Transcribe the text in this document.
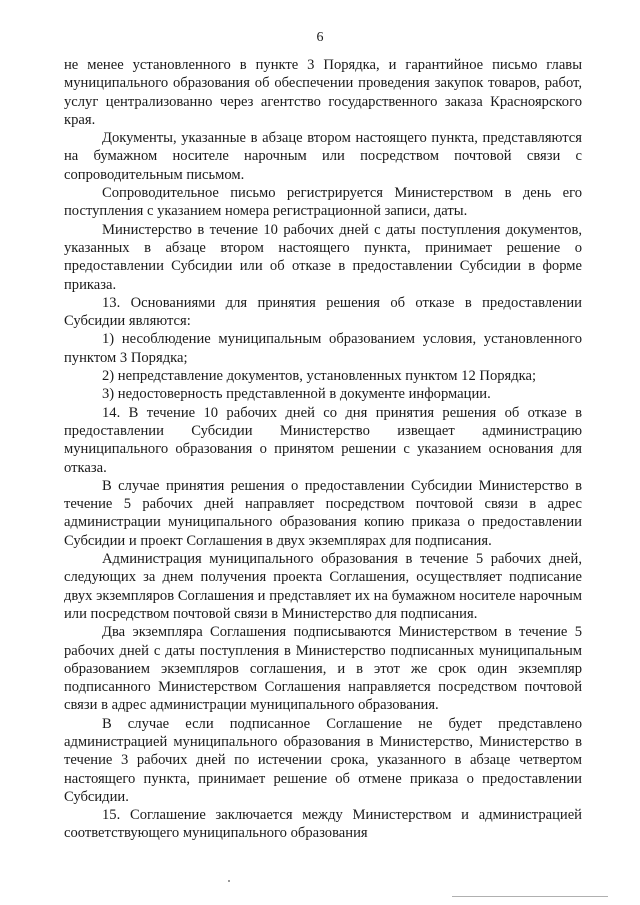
6

не менее установленного в пункте 3 Порядка, и гарантийное письмо главы муниципального образования об обеспечении проведения закупок товаров, работ, услуг централизованно через агентство государственного заказа Красноярского края.

Документы, указанные в абзаце втором настоящего пункта, представляются на бумажном носителе нарочным или посредством почтовой связи с сопроводительным письмом.

Сопроводительное письмо регистрируется Министерством в день его поступления с указанием номера регистрационной записи, даты.

Министерство в течение 10 рабочих дней с даты поступления документов, указанных в абзаце втором настоящего пункта, принимает решение о предоставлении Субсидии или об отказе в предоставлении Субсидии в форме приказа.

13. Основаниями для принятия решения об отказе в предоставлении Субсидии являются:

1) несоблюдение муниципальным образованием условия, установленного пунктом 3 Порядка;

2) непредставление документов, установленных пунктом 12 Порядка;

3) недостоверность представленной в документе информации.

14. В течение 10 рабочих дней со дня принятия решения об отказе в предоставлении Субсидии Министерство извещает администрацию муниципального образования о принятом решении с указанием основания для отказа.

В случае принятия решения о предоставлении Субсидии Министерство в течение 5 рабочих дней направляет посредством почтовой связи в адрес администрации муниципального образования копию приказа о предоставлении Субсидии и проект Соглашения в двух экземплярах для подписания.

Администрация муниципального образования в течение 5 рабочих дней, следующих за днем получения проекта Соглашения, осуществляет подписание двух экземпляров Соглашения и представляет их на бумажном носителе нарочным или посредством почтовой связи в Министерство для подписания.

Два экземпляра Соглашения подписываются Министерством в течение 5 рабочих дней с даты поступления в Министерство подписанных муниципальным образованием экземпляров соглашения, и в этот же срок один экземпляр подписанного Министерством Соглашения направляется посредством почтовой связи в адрес администрации муниципального образования.

В случае если подписанное Соглашение не будет представлено администрацией муниципального образования в Министерство, Министерство в течение 3 рабочих дней по истечении срока, указанного в абзаце четвертом настоящего пункта, принимает решение об отмене приказа о предоставлении Субсидии.

15. Соглашение заключается между Министерством и администрацией соответствующего муниципального образования
